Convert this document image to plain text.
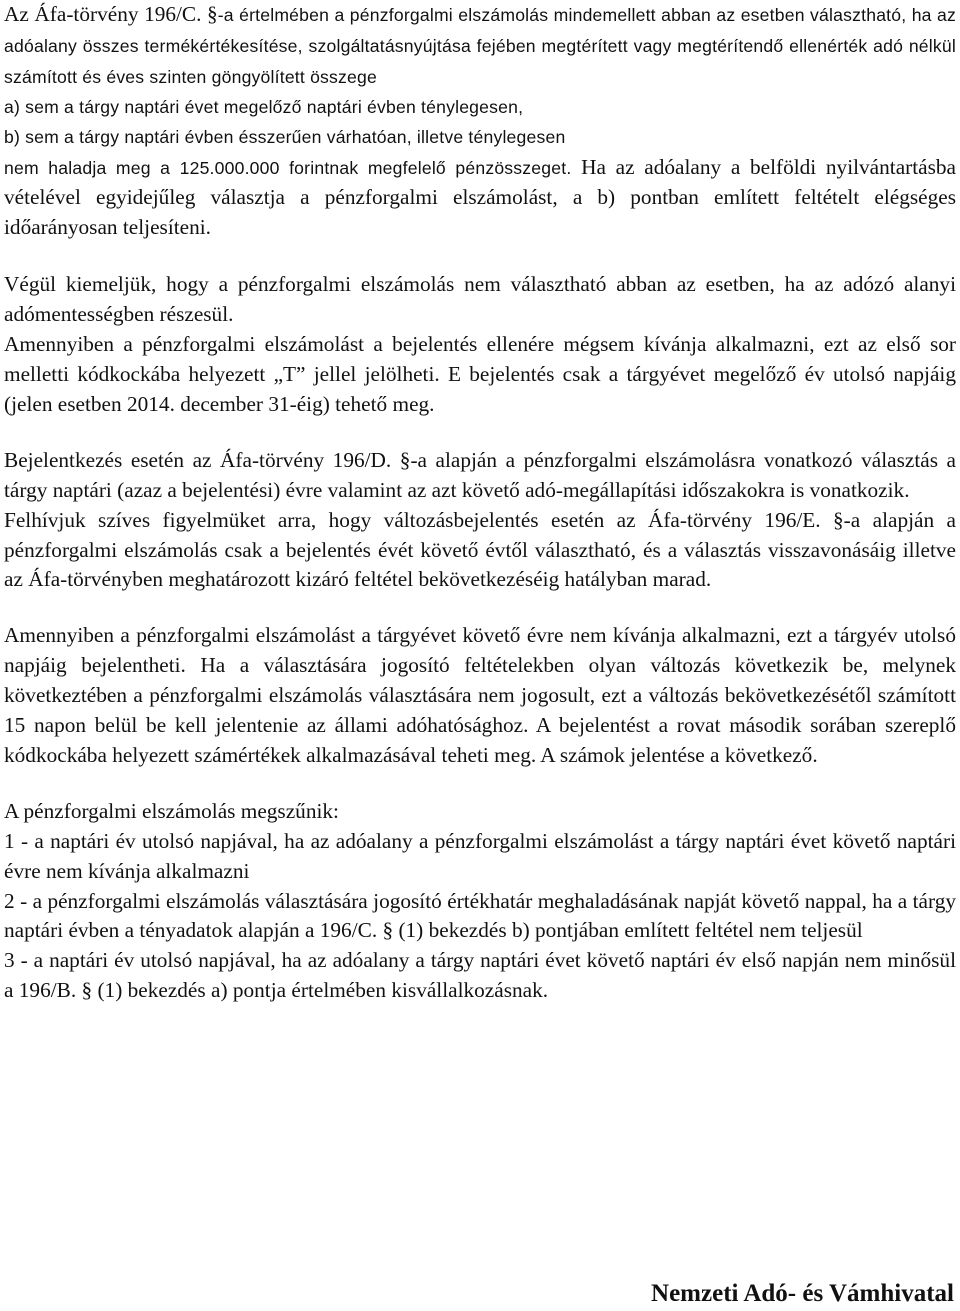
Az Áfa-törvény 196/C. §-a értelmében a pénzforgalmi elszámolás mindemellett abban az esetben választható, ha az adóalany összes termékértékesítése, szolgáltatásnyújtása fejében megtérített vagy megtérítendő ellenérték adó nélkül számított és éves szinten göngyölített összege

a) sem a tárgy naptári évet megelőző naptári évben ténylegesen,

b) sem a tárgy naptári évben ésszerűen várhatóan, illetve ténylegesen

nem haladja meg a 125.000.000 forintnak megfelelő pénzösszeget. Ha az adóalany a belföldi nyilvántartásba vételével egyidejűleg választja a pénzforgalmi elszámolást, a b) pontban említett feltételt elégséges időarányosan teljesíteni.

Végül kiemeljük, hogy a pénzforgalmi elszámolás nem választható abban az esetben, ha az adózó alanyi adómentességben részesül.

Amennyiben a pénzforgalmi elszámolást a bejelentés ellenére mégsem kívánja alkalmazni, ezt az első sor melletti kódkockába helyezett „T” jellel jelölheti. E bejelentés csak a tárgyévet megelőző év utolsó napjáig (jelen esetben 2014. december 31-éig) tehető meg.

Bejelentkezés esetén az Áfa-törvény 196/D. §-a alapján a pénzforgalmi elszámolásra vonatkozó választás a tárgy naptári (azaz a bejelentési) évre valamint az azt követő adó-megállapítási időszakokra is vonatkozik.

Felhívjuk szíves figyelmüket arra, hogy változásbejelentés esetén az Áfa-törvény 196/E. §-a alapján a pénzforgalmi elszámolás csak a bejelentés évét követő évtől választható, és a választás visszavonásáig illetve az Áfa-törvényben meghatározott kizáró feltétel bekövetkezéséig hatályban marad.

Amennyiben a pénzforgalmi elszámolást a tárgyévet követő évre nem kívánja alkalmazni, ezt a tárgyév utolsó napjáig bejelentheti. Ha a választására jogosító feltételekben olyan változás következik be, melynek következtében a pénzforgalmi elszámolás választására nem jogosult, ezt a változás bekövetkezésétől számított 15 napon belül be kell jelentenie az állami adóhatósághoz. A bejelentést a rovat második sorában szereplő kódkockába helyezett számértékek alkalmazásával teheti meg. A számok jelentése a következő.

A pénzforgalmi elszámolás megszűnik:

1 - a naptári év utolsó napjával, ha az adóalany a pénzforgalmi elszámolást a tárgy naptári évet követő naptári évre nem kívánja alkalmazni

2 - a pénzforgalmi elszámolás választására jogosító értékhatár meghaladásának napját követő nappal, ha a tárgy naptári évben a tényadatok alapján a 196/C. § (1) bekezdés b) pontjában említett feltétel nem teljesül

3 - a naptári év utolsó napjával, ha az adóalany a tárgy naptári évet követő naptári év első napján nem minősül a 196/B. § (1) bekezdés a) pontja értelmében kisvállalkozásnak.

Nemzeti Adó- és Vámhivatal
